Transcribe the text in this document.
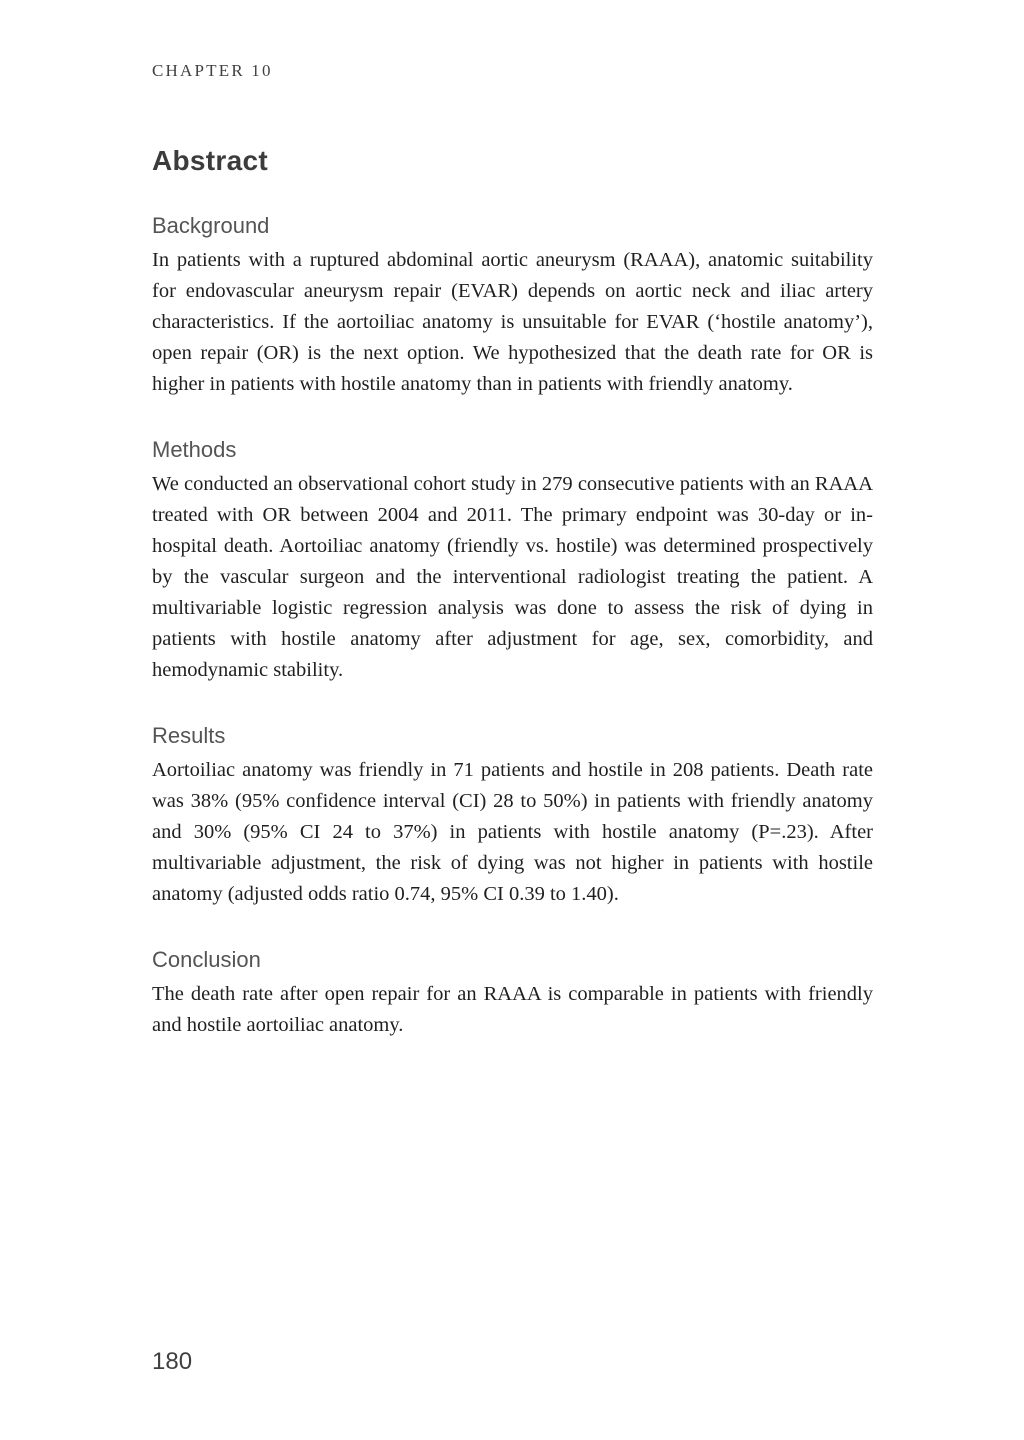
CHAPTER 10
Abstract
Background

In patients with a ruptured abdominal aortic aneurysm (RAAA), anatomic suitability for endovascular aneurysm repair (EVAR) depends on aortic neck and iliac artery characteristics. If the aortoiliac anatomy is unsuitable for EVAR (‘hostile anatomy’), open repair (OR) is the next option. We hypothesized that the death rate for OR is higher in patients with hostile anatomy than in patients with friendly anatomy.

Methods

We conducted an observational cohort study in 279 consecutive patients with an RAAA treated with OR between 2004 and 2011. The primary endpoint was 30-day or in-hospital death. Aortoiliac anatomy (friendly vs. hostile) was determined prospectively by the vascular surgeon and the interventional radiologist treating the patient. A multivariable logistic regression analysis was done to assess the risk of dying in patients with hostile anatomy after adjustment for age, sex, comorbidity, and hemodynamic stability.

Results

Aortoiliac anatomy was friendly in 71 patients and hostile in 208 patients. Death rate was 38% (95% confidence interval (CI) 28 to 50%) in patients with friendly anatomy and 30% (95% CI 24 to 37%) in patients with hostile anatomy (P=.23). After multivariable adjustment, the risk of dying was not higher in patients with hostile anatomy (adjusted odds ratio 0.74, 95% CI 0.39 to 1.40).

Conclusion

The death rate after open repair for an RAAA is comparable in patients with friendly and hostile aortoiliac anatomy.

180
